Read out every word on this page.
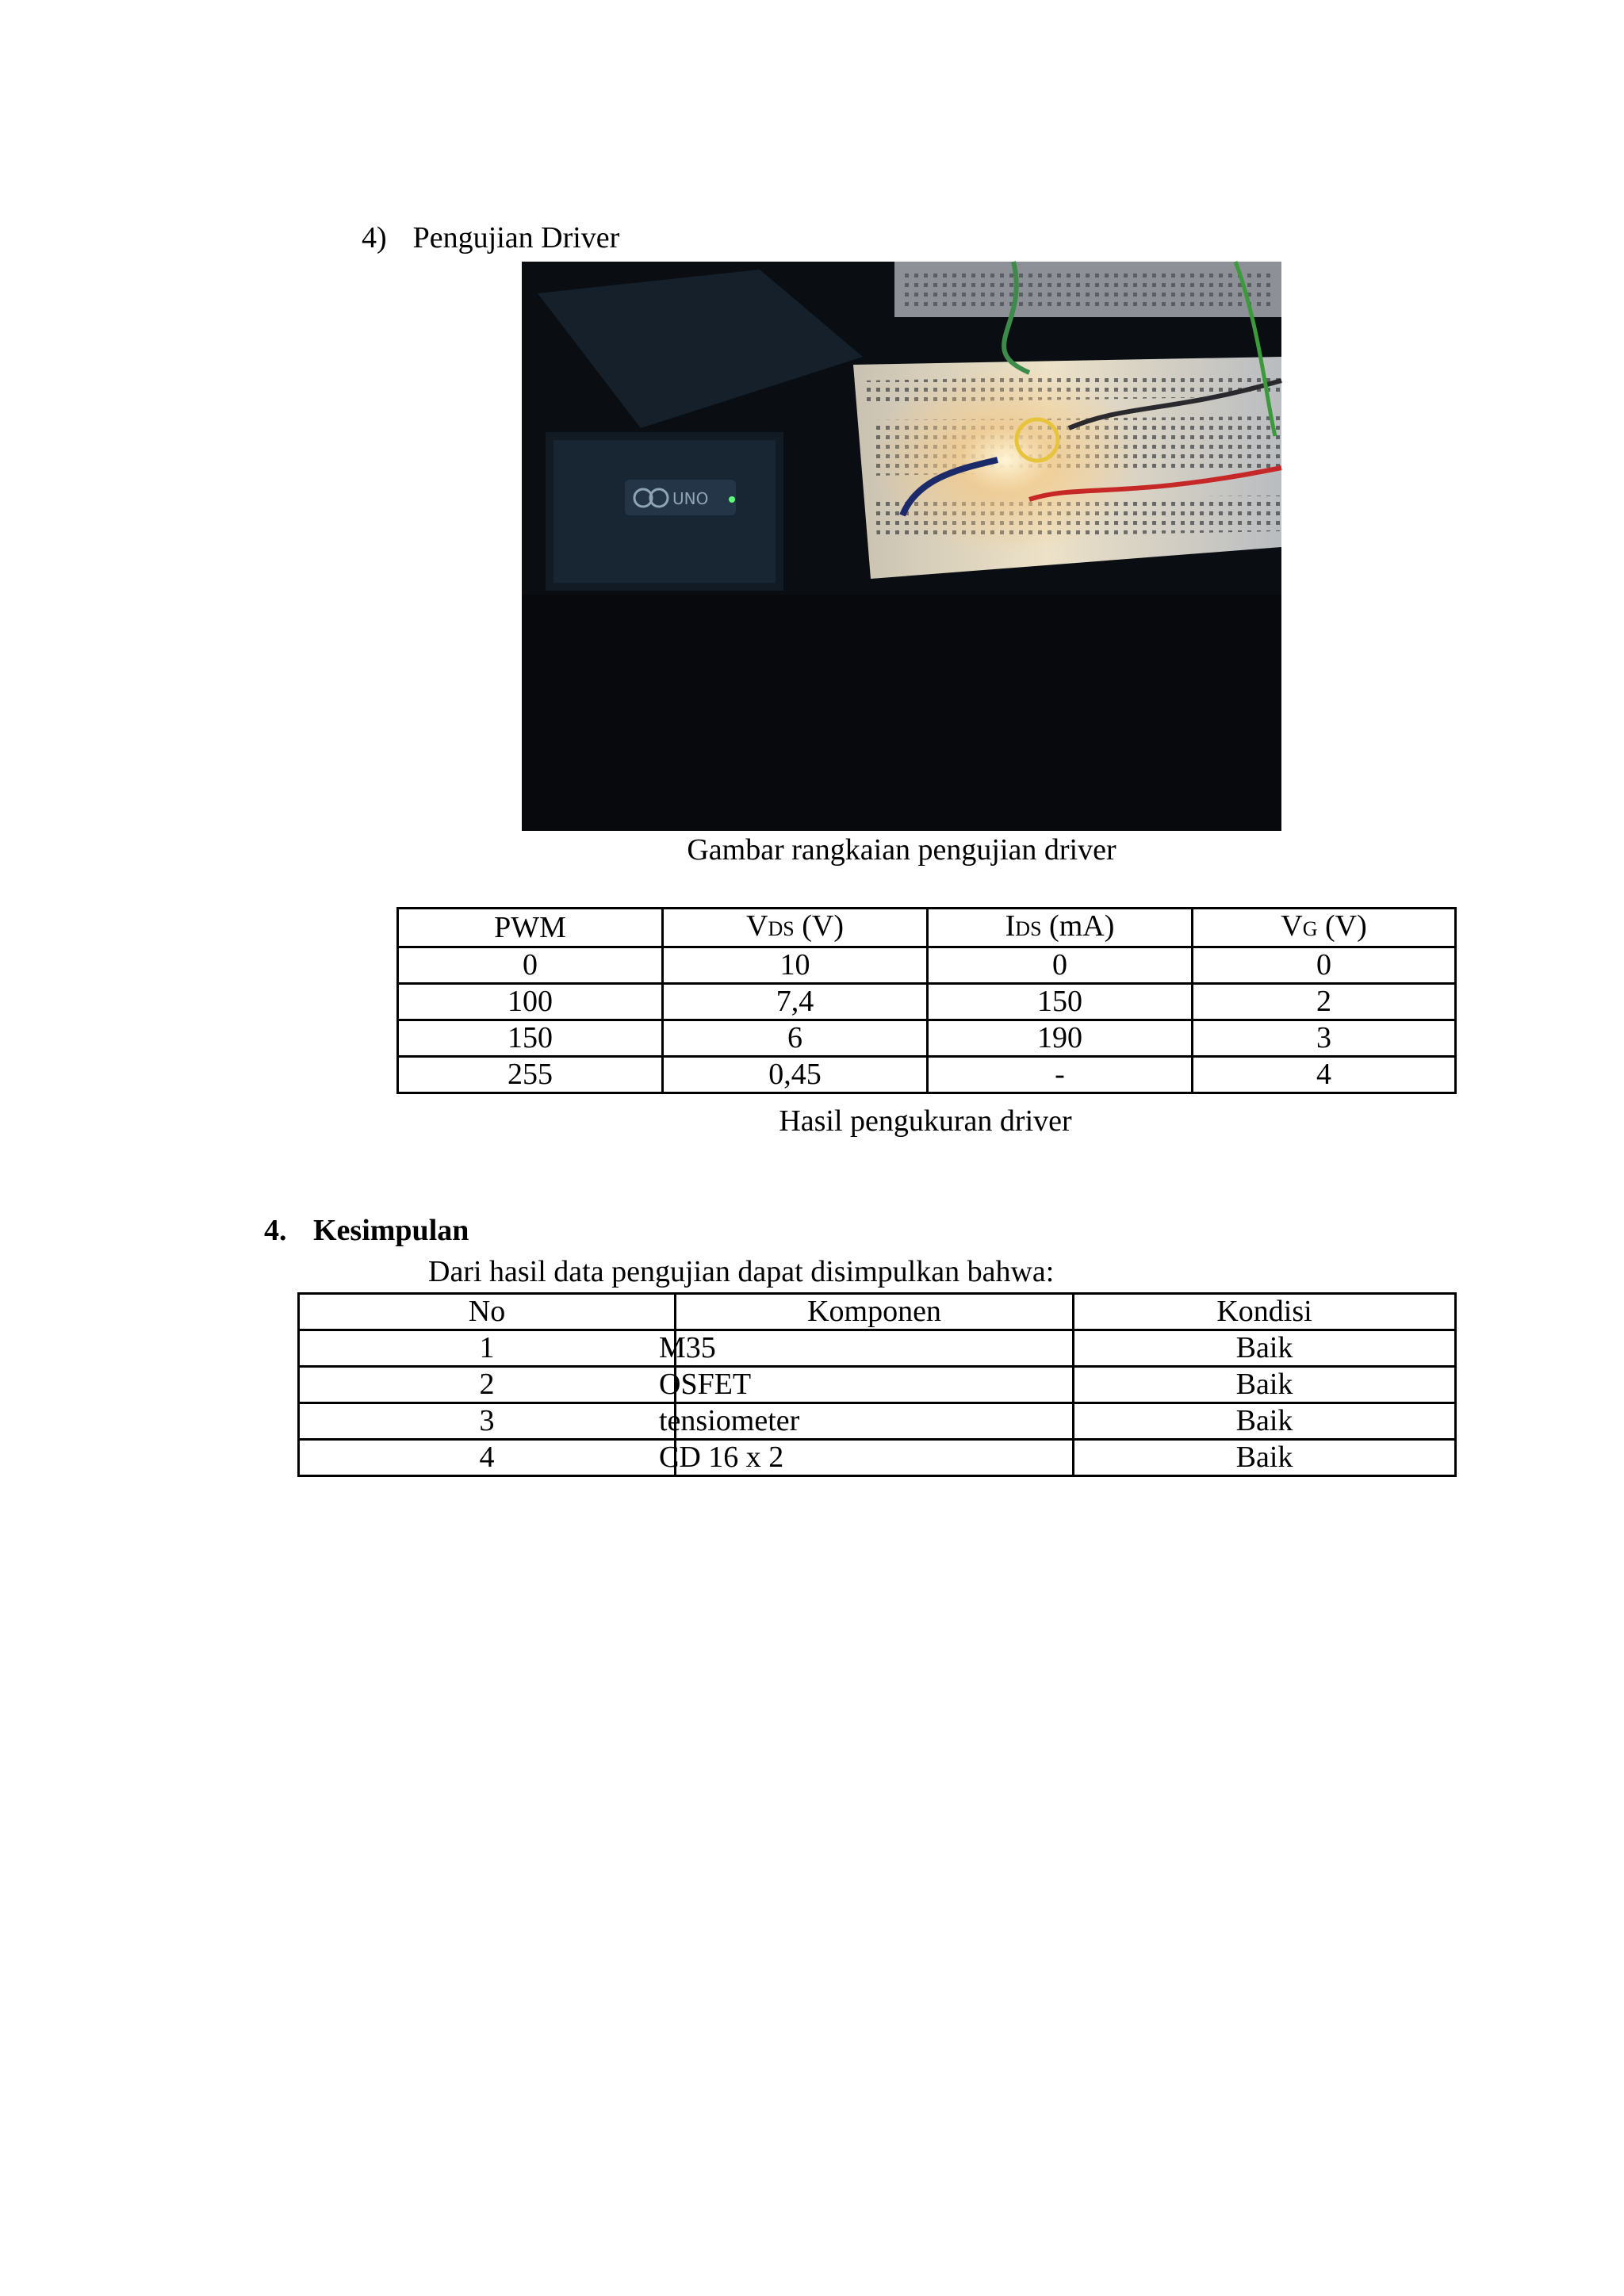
4) Pengujian Driver
UNO
Gambar rangkaian pengujian driver
PWM	VDS (V)	IDS (mA)	VG (V)
0	10	0	0
100	7,4	150	2
150	6	190	3
255	0,45	-	4
Hasil pengukuran driver
4. Kesimpulan
Dari hasil data pengujian dapat disimpulkan bahwa:
No	Komponen	Kondisi
1	M35	Baik
2	OSFET	Baik
3	tensiometer	Baik
4	CD 16 x 2	Baik
